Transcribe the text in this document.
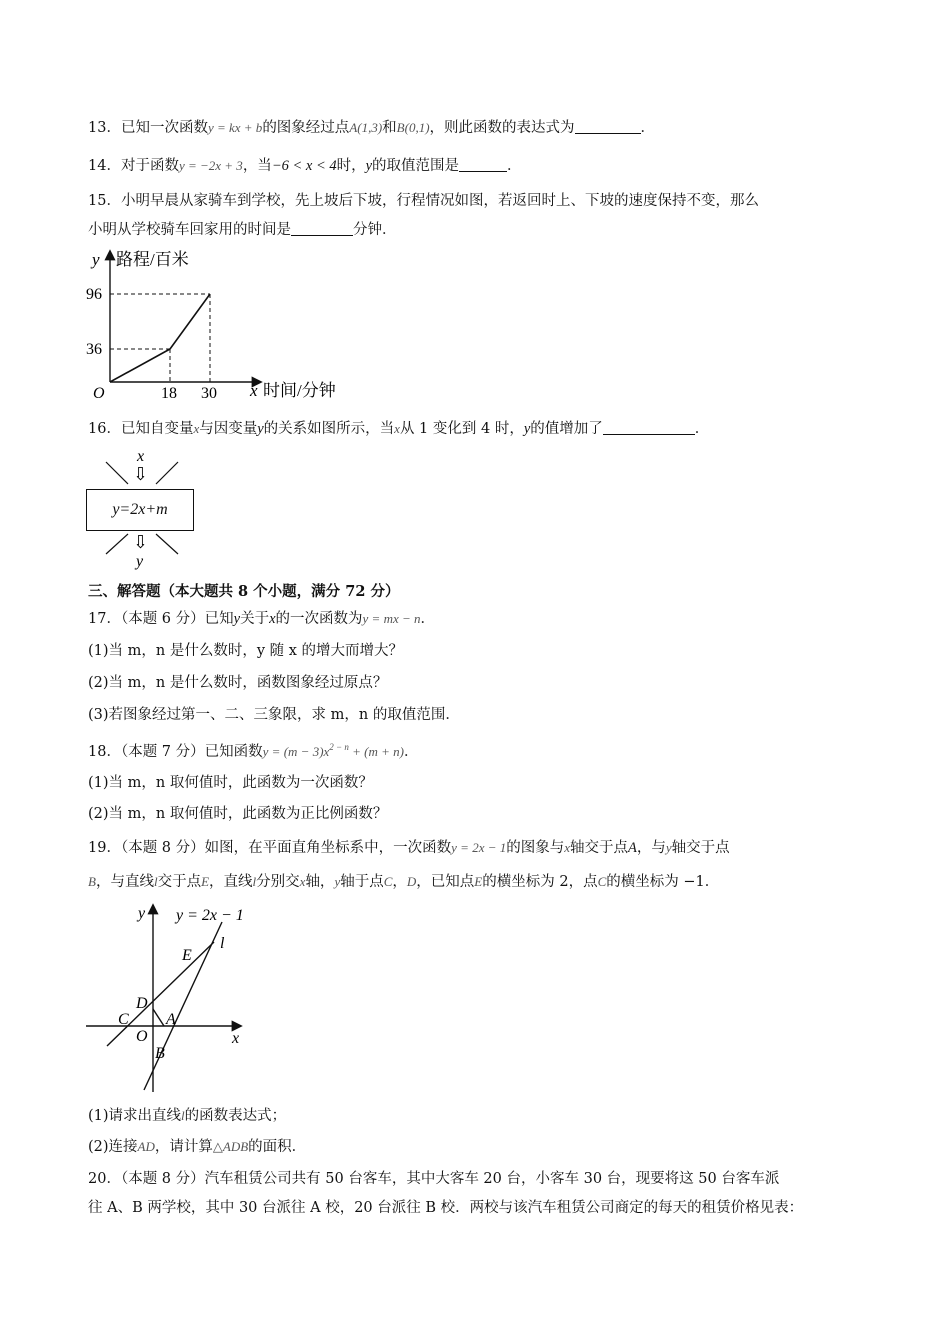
13．已知一次函数y = kx + b的图象经过点A(1,3)和B(0,1)，则此函数的表达式为	．
14．对于函数y = −2x + 3，当−6 < x < 4时，y的取值范围是	．
15．小明早晨从家骑车到学校，先上坡后下坡，行程情况如图，若返回时上、下坡的速度保持不变，那么
小明从学校骑车回家用的时间是	分钟．
y 路程/百米
x 时间/分钟
O	18 30
36
96
16．已知自变量x与因变量y的关系如图所示，当x从 1 变化到 4 时，y的值增加了	．
x
⇩
⇩
y
y=2x+m
三、解答题（本大题共 8 个小题，满分 72 分）
17．（本题 6 分）已知y关于x的一次函数为y = mx − n．
(1)当 m，n 是什么数时，y 随 x 的增大而增大？
(2)当 m，n 是什么数时，函数图象经过原点？
(3)若图象经过第一、二、三象限，求 m，n 的取值范围．
18．（本题 7 分）已知函数$y = (m - 3)x^{2 - n} + (m + n)$．
(1)当 m，n 取何值时，此函数为一次函数？
(2)当 m，n 取何值时，此函数为正比例函数？
19．（本题 8 分）如图，在平面直角坐标系中，一次函数y = 2x − 1的图象与x轴交于点A，与y轴交于点
B，与直线l交于点E，直线l分别交x轴，y轴于点C，D，已知点E的横坐标为 2，点C的横坐标为 −1．
y y = 2x − 1
l
E
D
C
O
A
B
x
(1)请求出直线l的函数表达式；
(2)连接AD，请计算△ADB的面积．
20．（本题 8 分）汽车租赁公司共有 50 台客车，其中大客车 20 台，小客车 30 台，现要将这 50 台客车派
往 A、B 两学校，其中 30 台派往 A 校，20 台派往 B 校．两校与该汽车租赁公司商定的每天的租赁价格见表：
